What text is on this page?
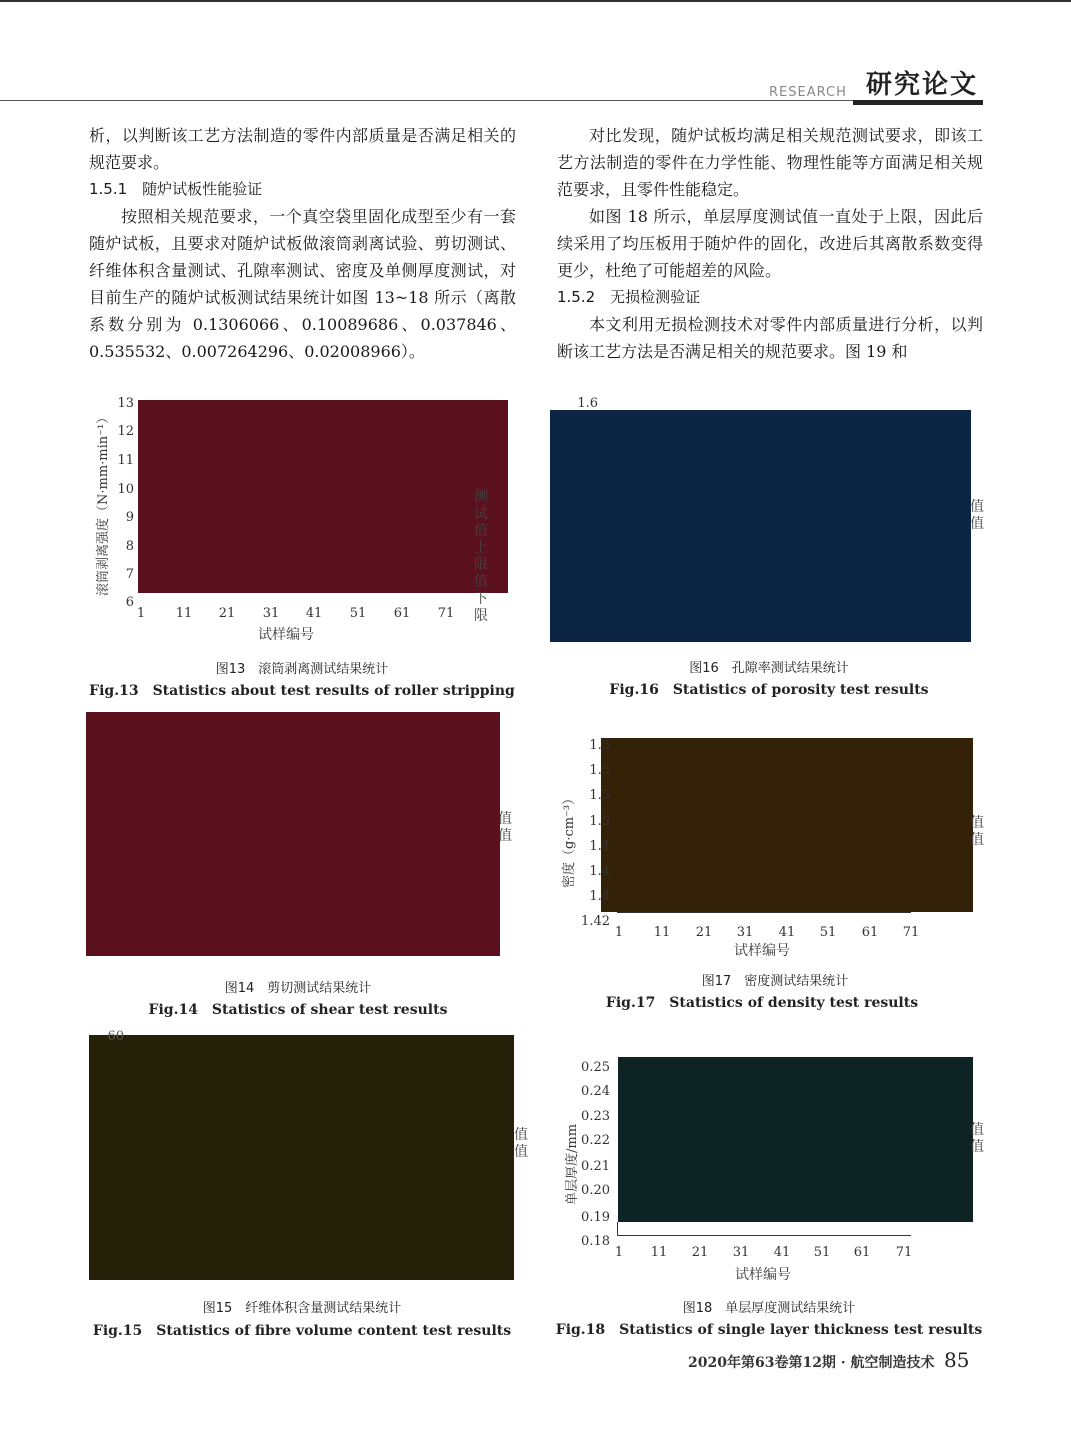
RESEARCH 研究论文

析，以判断该工艺方法制造的零件内部质量是否满足相关的规范要求。

1.5.1　随炉试板性能验证

按照相关规范要求，一个真空袋里固化成型至少有一套随炉试板，且要求对随炉试板做滚筒剥离试验、剪切测试、纤维体积含量测试、孔隙率测试、密度及单侧厚度测试，对目前生产的随炉试板测试结果统计如图 13~18 所示（离散系数分别为 0.1306066、0.10089686、0.037846、0.535532、0.007264296、0.02008966）。

对比发现，随炉试板均满足相关规范测试要求，即该工艺方法制造的零件在力学性能、物理性能等方面满足相关规范要求，且零件性能稳定。

如图 18 所示，单层厚度测试值一直处于上限，因此后续采用了均压板用于随炉件的固化，改进后其离散系数变得更少，杜绝了可能超差的风险。

1.5.2　无损检测验证

本文利用无损检测技术对零件内部质量进行分析，以判断该工艺方法是否满足相关的规范要求。图 19 和

13
12
11
10
9
8
7
6
1	11	21	31	41	51	61	71
试样编号
滚筒剥离强度（N·mm·min⁻¹）	测试值
上限值
下限
图13　滚筒剥离测试结果统计
Fig.13　Statistics about test results of roller stripping
值
值
图14　剪切测试结果统计
Fig.14　Statistics of shear test results
60
值
值
图15　纤维体积含量测试结果统计
Fig.15　Statistics of fibre volume content test results
1.6
值
值
图16　孔隙率测试结果统计
Fig.16　Statistics of porosity test results
1.5
1.5
1.5
1.5
1.4
1.4
1.4
1.42
1	11	21	31	41	51	61	71
试样编号
密度（g·cm⁻³）	值
值
图17　密度测试结果统计
Fig.17　Statistics of density test results
0.25
0.24
0.23
0.22
0.21
0.20
0.19
0.18
1	11	21	31	41	51	61	71
试样编号
单层厚度/mm	值
值
图18　单层厚度测试结果统计
Fig.18　Statistics of single layer thickness test results
2020年第63卷第12期 · 航空制造技术 85
